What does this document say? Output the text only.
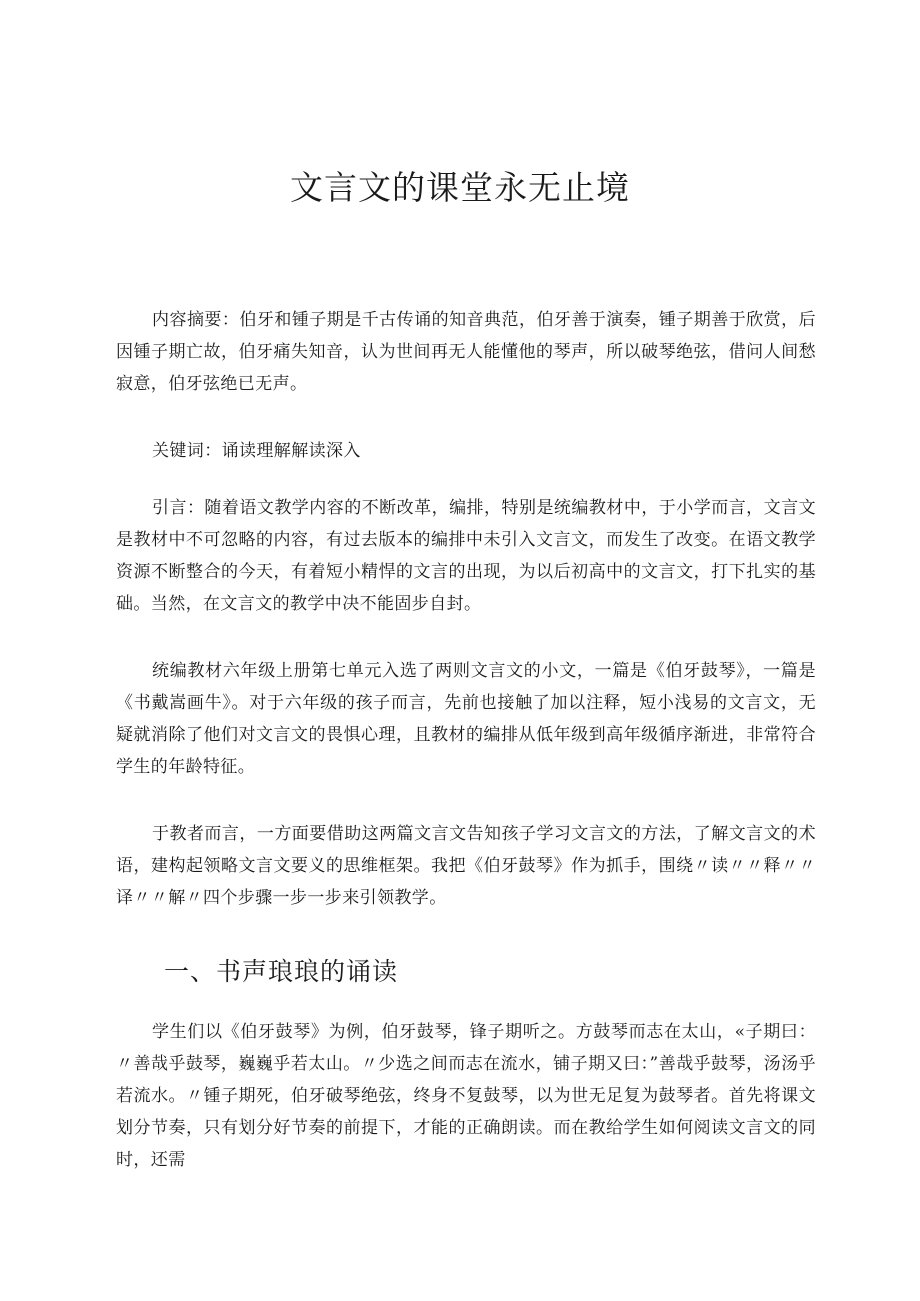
文言文的课堂永无止境

内容摘要：伯牙和锺子期是千古传诵的知音典范，伯牙善于演奏，锺子期善于欣赏，后因锺子期亡故，伯牙痛失知音，认为世间再无人能懂他的琴声，所以破琴绝弦，借问人间愁寂意，伯牙弦绝已无声。

关键词：诵读理解解读深入

引言：随着语文教学内容的不断改革，编排，特别是统编教材中，于小学而言，文言文是教材中不可忽略的内容，有过去版本的编排中未引入文言文，而发生了改变。在语文教学资源不断整合的今天，有着短小精悍的文言的出现，为以后初高中的文言文，打下扎实的基础。当然，在文言文的教学中决不能固步自封。

统编教材六年级上册第七单元入选了两则文言文的小文，一篇是《伯牙鼓琴》，一篇是《书戴嵩画牛》。对于六年级的孩子而言，先前也接触了加以注释，短小浅易的文言文，无疑就消除了他们对文言文的畏惧心理，且教材的编排从低年级到高年级循序渐进，非常符合学生的年龄特征。

于教者而言，一方面要借助这两篇文言文告知孩子学习文言文的方法，了解文言文的术语，建构起领略文言文要义的思维框架。我把《伯牙鼓琴》作为抓手，围绕〃读〃〃释〃〃译〃〃解〃四个步骤一步一步来引领教学。

一、书声琅琅的诵读

学生们以《伯牙鼓琴》为例，伯牙鼓琴，锋子期听之。方鼓琴而志在太山，«子期曰：〃善哉乎鼓琴，巍巍乎若太山。〃少选之间而志在流水，铺子期又曰：”善哉乎鼓琴，汤汤乎若流水。〃锺子期死，伯牙破琴绝弦，终身不复鼓琴，以为世无足复为鼓琴者。首先将课文划分节奏，只有划分好节奏的前提下，才能的正确朗读。而在教给学生如何阅读文言文的同时，还需
